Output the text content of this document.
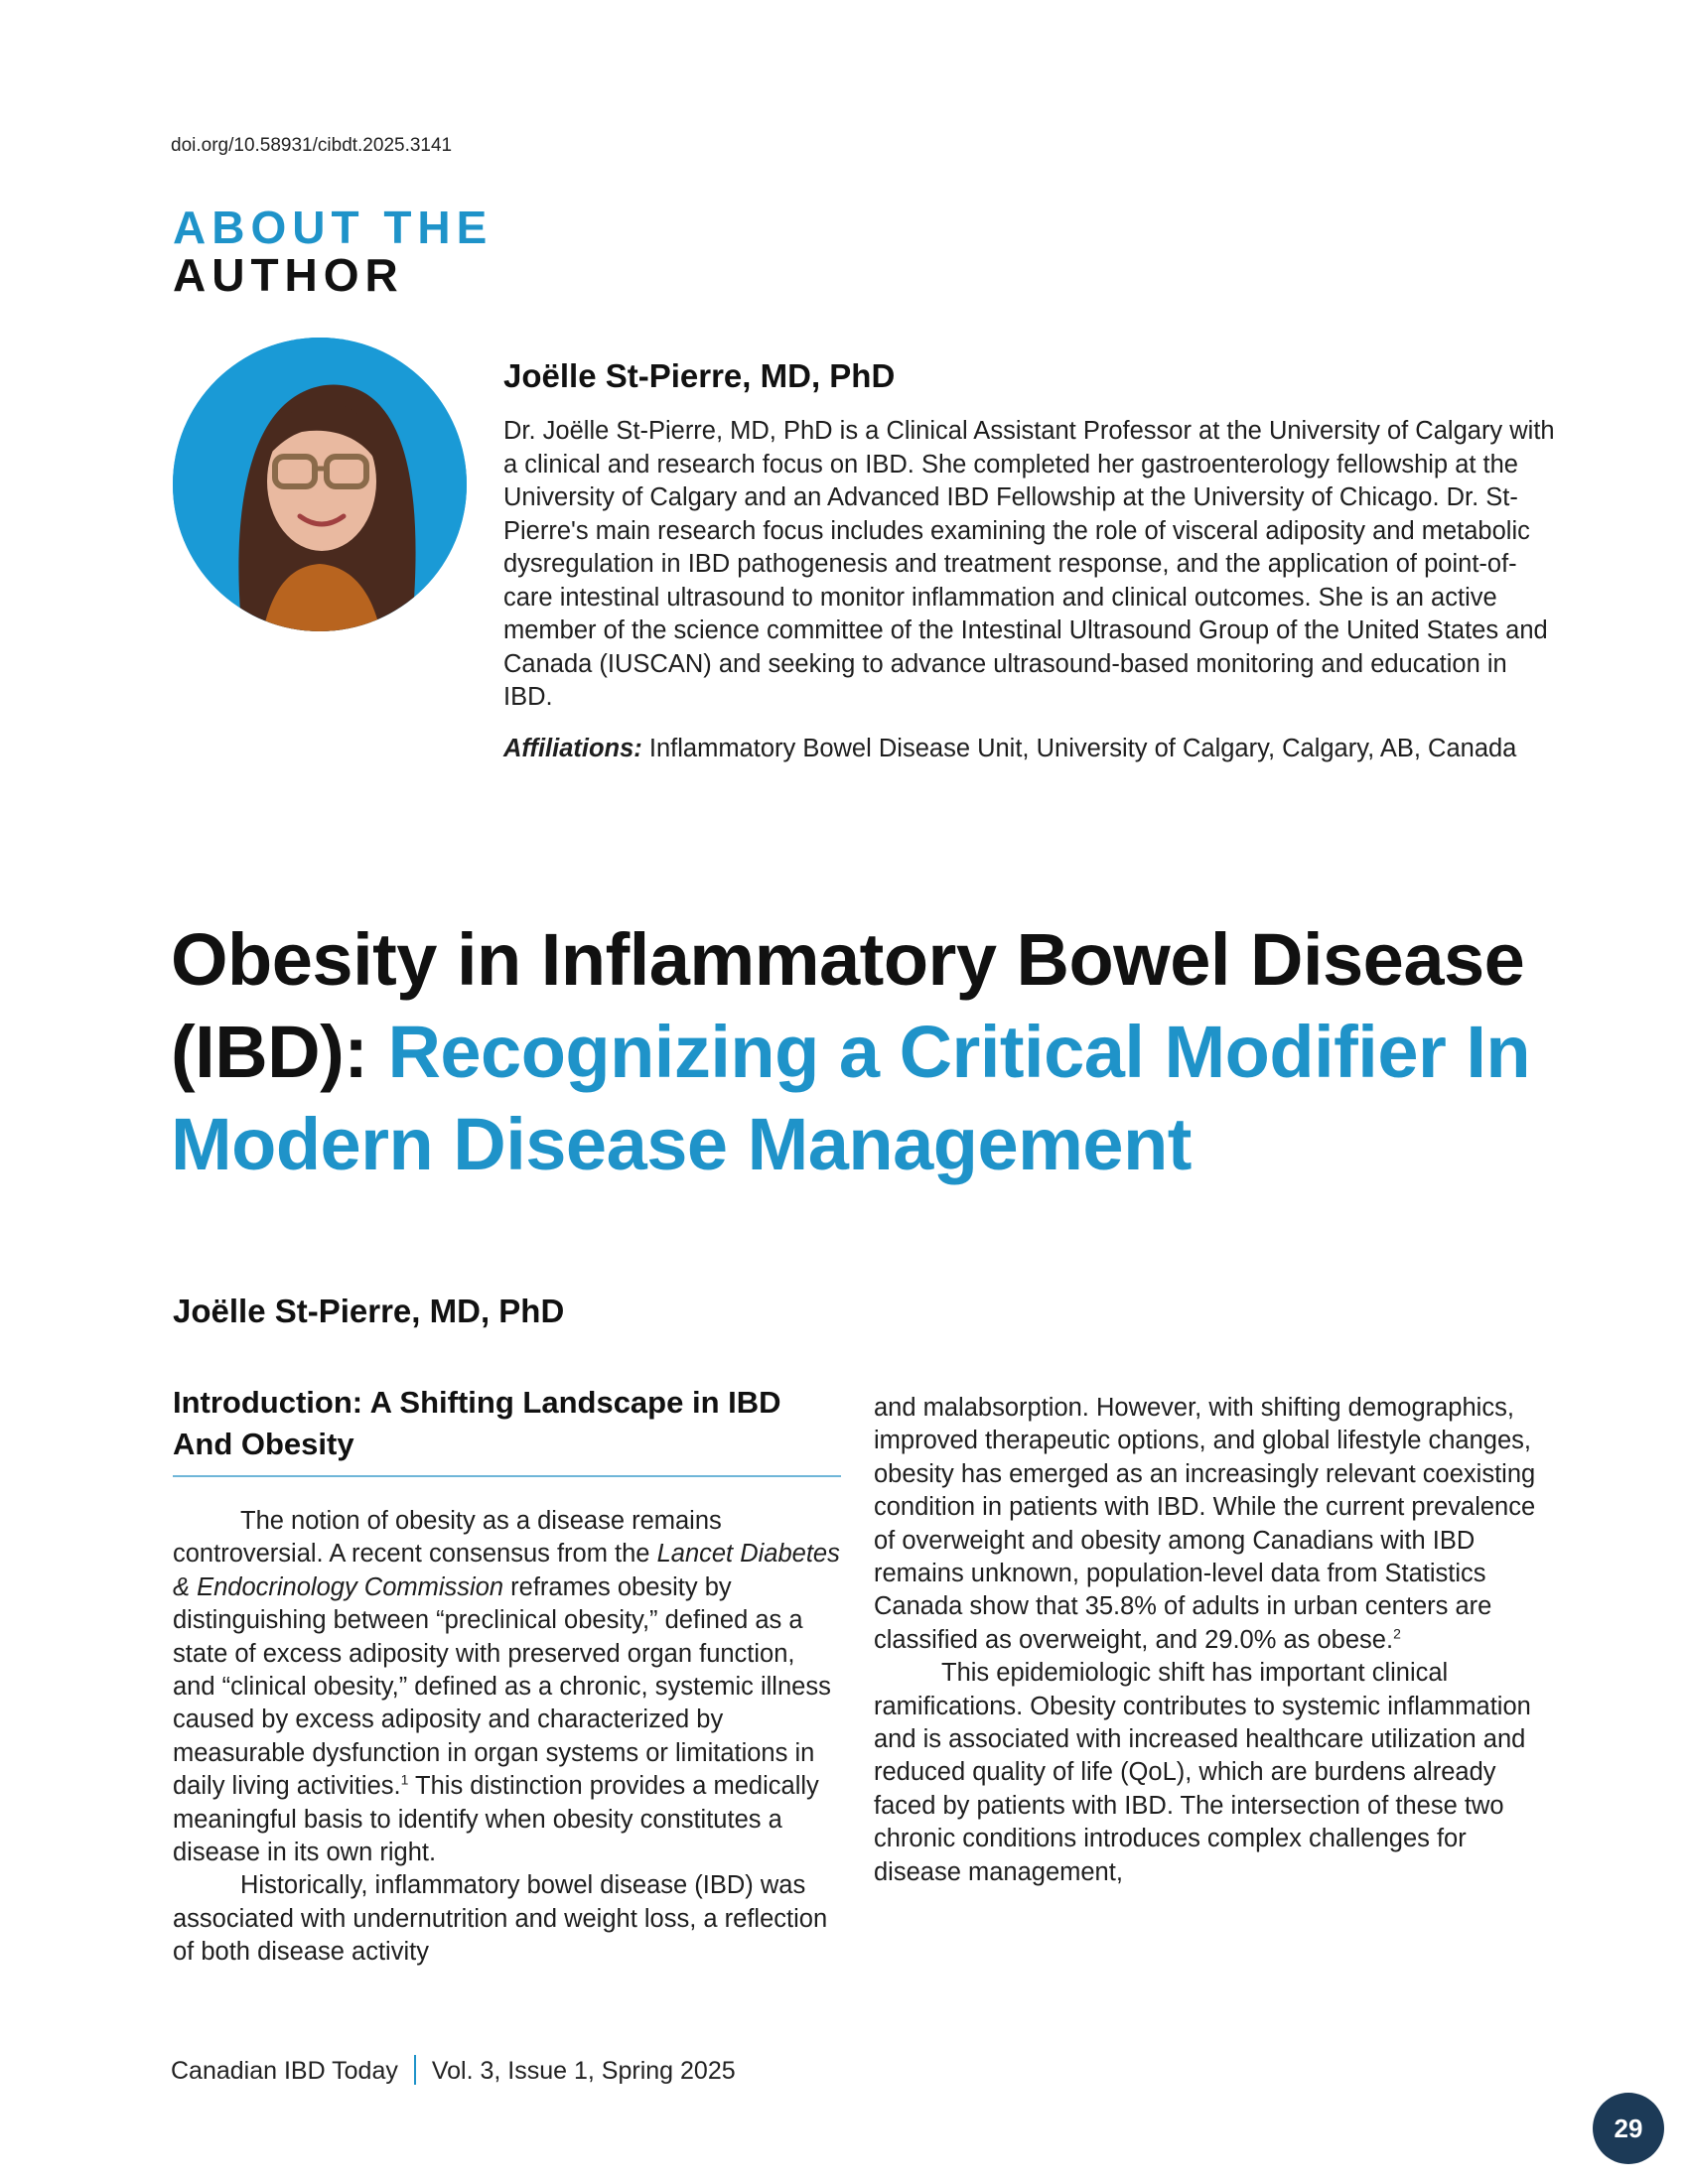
doi.org/10.58931/cibdt.2025.3141
ABOUT THE
AUTHOR
Joëlle St-Pierre, MD, PhD

Dr. Joëlle St-Pierre, MD, PhD is a Clinical Assistant Professor at the University of Calgary with a clinical and research focus on IBD. She completed her gastroenterology fellowship at the University of Calgary and an Advanced IBD Fellowship at the University of Chicago. Dr. St-Pierre's main research focus includes examining the role of visceral adiposity and metabolic dysregulation in IBD pathogenesis and treatment response, and the application of point-of-care intestinal ultrasound to monitor inflammation and clinical outcomes. She is an active member of the science committee of the Intestinal Ultrasound Group of the United States and Canada (IUSCAN) and seeking to advance ultrasound-based monitoring and education in IBD.

Affiliations: Inflammatory Bowel Disease Unit, University of Calgary, Calgary, AB, Canada

Obesity in Inflammatory Bowel Disease (IBD): Recognizing a Critical Modifier In Modern Disease Management
Joëlle St-Pierre, MD, PhD
Introduction: A Shifting Landscape in IBD And Obesity

The notion of obesity as a disease remains controversial. A recent consensus from the Lancet Diabetes & Endocrinology Commission reframes obesity by distinguishing between “preclinical obesity,” defined as a state of excess adiposity with preserved organ function, and “clinical obesity,” defined as a chronic, systemic illness caused by excess adiposity and characterized by measurable dysfunction in organ systems or limitations in daily living activities.$^1$ This distinction provides a medically meaningful basis to identify when obesity constitutes a disease in its own right.

Historically, inflammatory bowel disease (IBD) was associated with undernutrition and weight loss, a reflection of both disease activity

and malabsorption. However, with shifting demographics, improved therapeutic options, and global lifestyle changes, obesity has emerged as an increasingly relevant coexisting condition in patients with IBD. While the current prevalence of overweight and obesity among Canadians with IBD remains unknown, population-level data from Statistics Canada show that 35.8% of adults in urban centers are classified as overweight, and 29.0% as obese.$^2$

This epidemiologic shift has important clinical ramifications. Obesity contributes to systemic inflammation and is associated with increased healthcare utilization and reduced quality of life (QoL), which are burdens already faced by patients with IBD. The intersection of these two chronic conditions introduces complex challenges for disease management,

Canadian IBD Today Vol. 3, Issue 1, Spring 2025
29
